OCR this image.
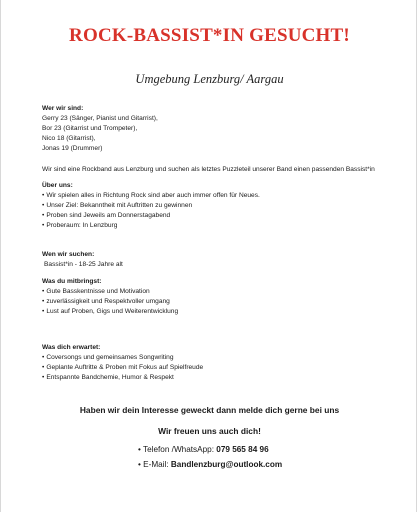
ROCK-BASSIST*IN GESUCHT!
Umgebung Lenzburg/ Aargau
Wer wir sind:
Gerry 23 (Sänger, Pianist und Gitarrist),
Bor 23 (Gitarrist und Trompeter),
Nico 18 (Gitarrist),
Jonas 19 (Drummer)
Wir sind eine Rockband aus Lenzburg und suchen als letztes Puzzleteil unserer Band einen passenden Bassist*in
Über uns:
• Wir spielen alles in Richtung Rock sind aber auch immer offen für Neues.
• Unser Ziel: Bekanntheit mit Auftritten zu gewinnen
• Proben sind Jeweils am Donnerstagabend
• Proberaum: In Lenzburg
Wen wir suchen:
Bassist*in - 18-25 Jahre alt
Was du mitbringst:
• Gute Basskentnisse und Motivation
• zuverlässigkeit und Respektvoller umgang
• Lust auf Proben, Gigs und Weiterentwicklung
Was dich erwartet:
• Coversongs und gemeinsames Songwriting
• Geplante Auftritte & Proben mit Fokus auf Spielfreude
• Entspannte Bandchemie, Humor & Respekt
Haben wir dein Interesse geweckt dann melde dich gerne bei uns
Wir freuen uns auch dich!
• Telefon /WhatsApp: 079 565 84 96
• E-Mail: Bandlenzburg@outlook.com
